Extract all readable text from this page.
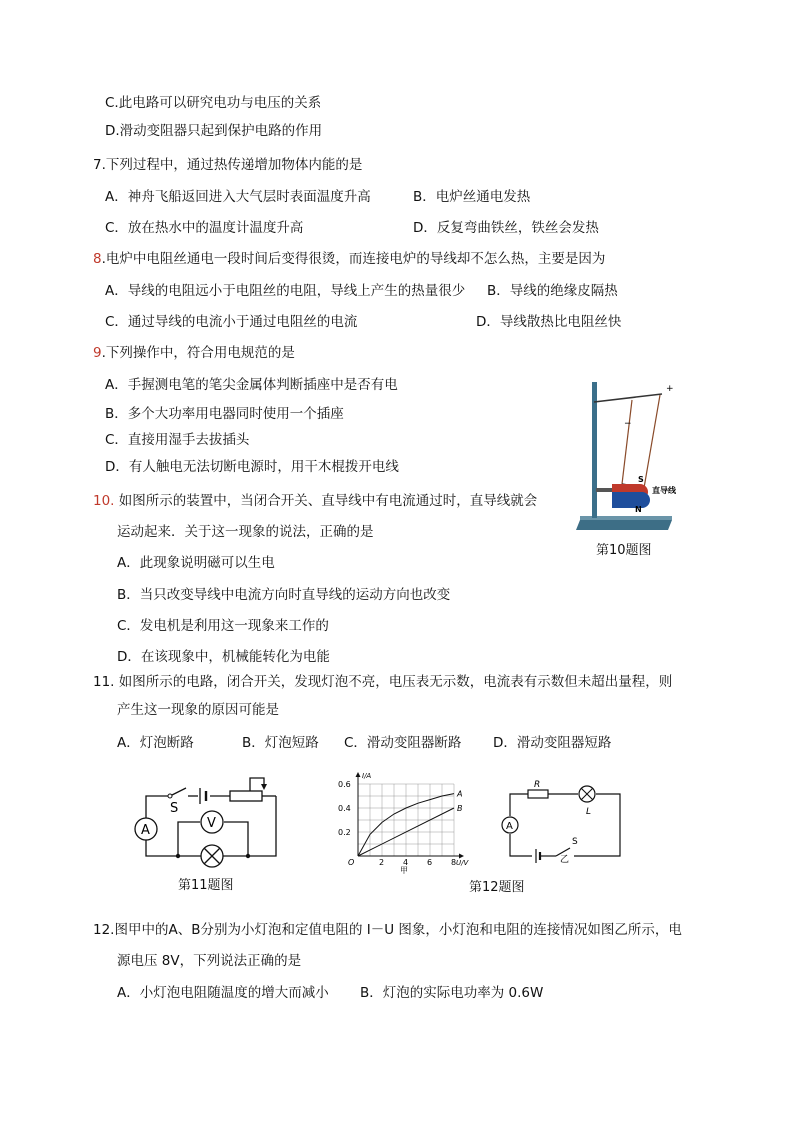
C.此电路可以研究电功与电压的关系
D.滑动变阻器只起到保护电路的作用
7.下列过程中，通过热传递增加物体内能的是
A．神舟飞船返回进入大气层时表面温度升高	B．电炉丝通电发热
C．放在热水中的温度计温度升高	D．反复弯曲铁丝，铁丝会发热
8.电炉中电阻丝通电一段时间后变得很烫，而连接电炉的导线却不怎么热，主要是因为
A．导线的电阻远小于电阻丝的电阻，导线上产生的热量很少 B．导线的绝缘皮隔热
C．通过导线的电流小于通过电阻丝的电流	D．导线散热比电阻丝快
9.下列操作中，符合用电规范的是
A．手握测电笔的笔尖金属体判断插座中是否有电
B．多个大功率用电器同时使用一个插座
C．直接用湿手去拔插头
D．有人触电无法切断电源时，用干木棍拨开电线
10. 如图所示的装置中，当闭合开关、直导线中有电流通过时，直导线就会
运动起来．关于这一现象的说法，正确的是
A．此现象说明磁可以生电
B．当只改变导线中电流方向时直导线的运动方向也改变
C．发电机是利用这一现象来工作的
D．在该现象中，机械能转化为电能
+
−
S
N
直导线
第10题图
11. 如图所示的电路，闭合开关，发现灯泡不亮，电压表无示数，电流表有示数但未超出量程，则
产生这一现象的原因可能是
A．灯泡断路	B．灯泡短路 C．滑动变阻器断路 D．滑动变阻器短路
A	V
S
第11题图
A
B
2 4 6 8
0.2
0.4
0.6
O	U/V
I/A
甲
A
R
L
S
乙
第12题图
12.图甲中的A、B分别为小灯泡和定值电阻的 I－U 图象，小灯泡和电阻的连接情况如图乙所示，电
源电压 8V，下列说法正确的是
A．小灯泡电阻随温度的增大而减小 B．灯泡的实际电功率为 0.6W
